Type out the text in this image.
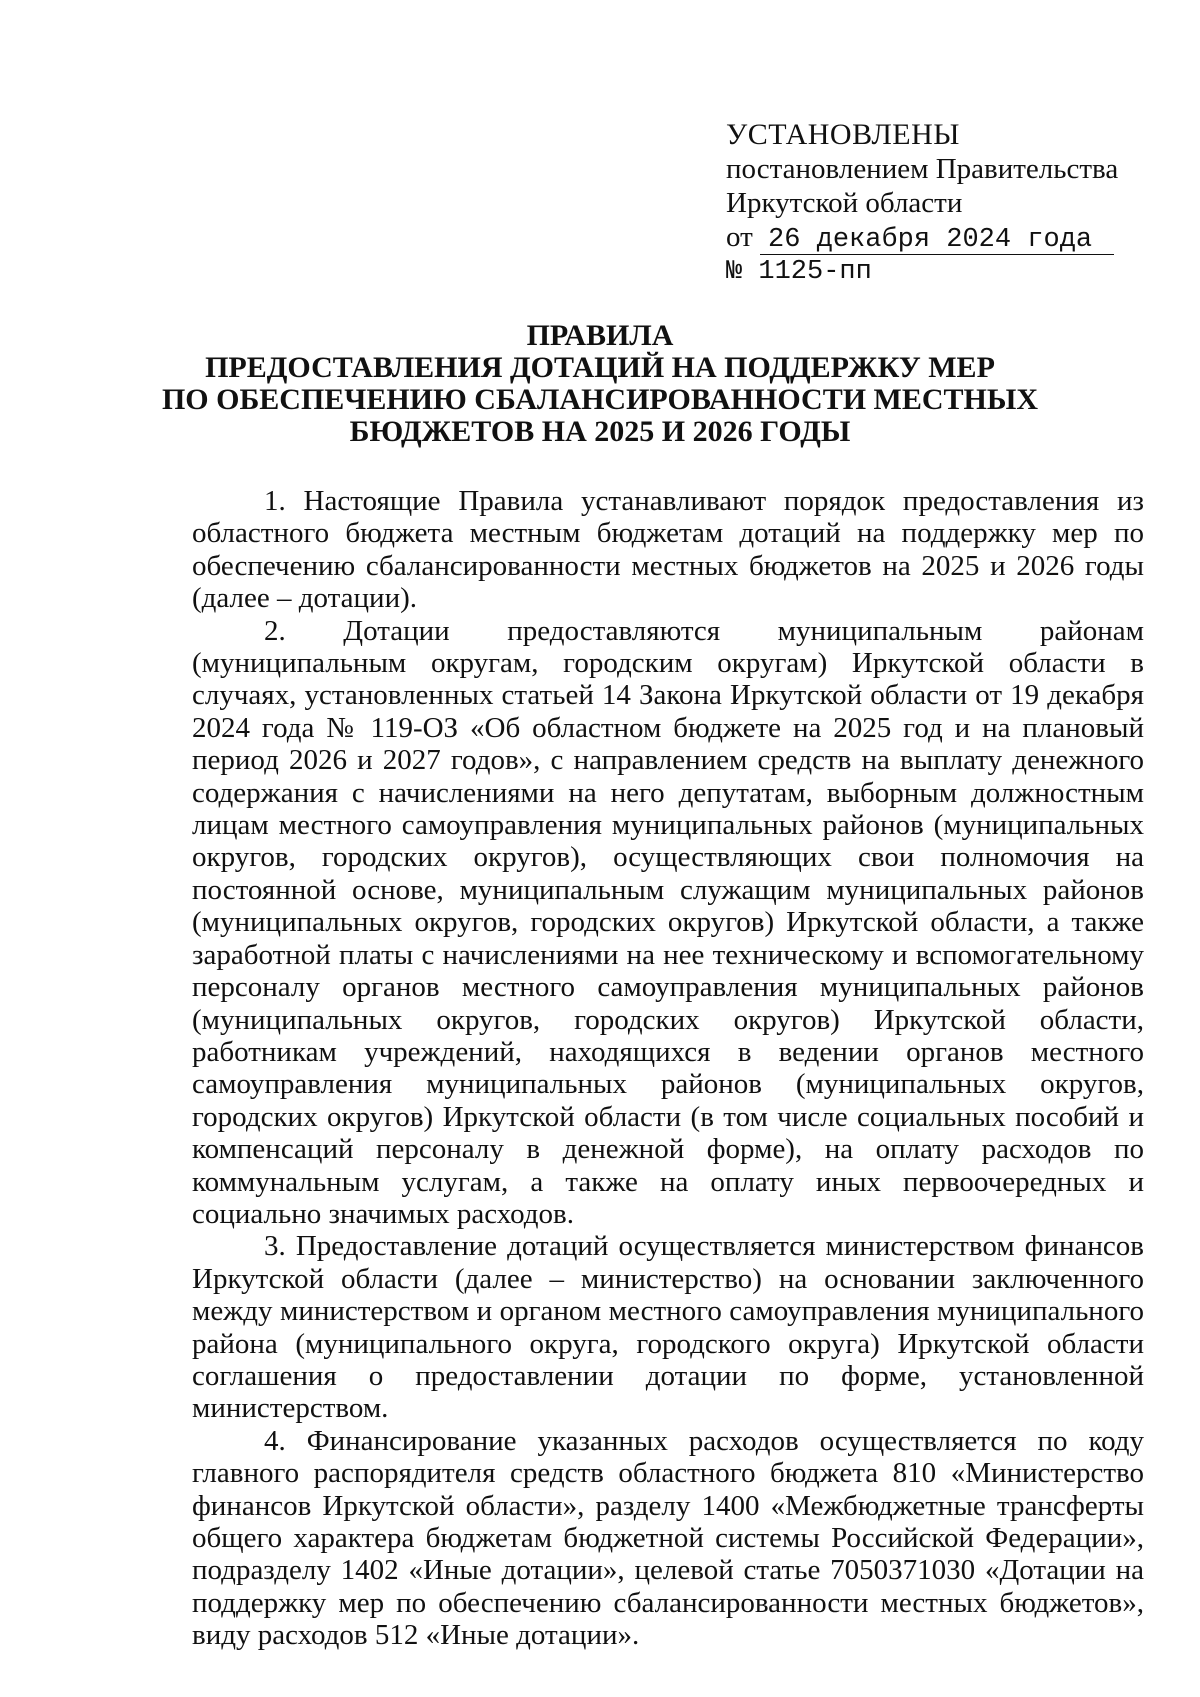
УСТАНОВЛЕНЫ
постановлением Правительства
Иркутской области
от 26 декабря 2024 года
№ 1125-пп
ПРАВИЛА
ПРЕДОСТАВЛЕНИЯ ДОТАЦИЙ НА ПОДДЕРЖКУ МЕР
ПО ОБЕСПЕЧЕНИЮ СБАЛАНСИРОВАННОСТИ МЕСТНЫХ
БЮДЖЕТОВ НА 2025 И 2026 ГОДЫ

1. Настоящие Правила устанавливают порядок предоставления из областного бюджета местным бюджетам дотаций на поддержку мер по обеспечению сбалансированности местных бюджетов на 2025 и 2026 годы (далее – дотации).

2. Дотации предоставляются муниципальным районам (муниципальным округам, городским округам) Иркутской области в случаях, установленных статьей 14 Закона Иркутской области от 19 декабря 2024 года № 119-ОЗ «Об областном бюджете на 2025 год и на плановый период 2026 и 2027 годов», с направлением средств на выплату денежного содержания с начислениями на него депутатам, выборным должностным лицам местного самоуправления муниципальных районов (муниципальных округов, городских округов), осуществляющих свои полномочия на постоянной основе, муниципальным служащим муниципальных районов (муниципальных округов, городских округов) Иркутской области, а также заработной платы с начислениями на нее техническому и вспомогательному персоналу органов местного самоуправления муниципальных районов (муниципальных округов, городских округов) Иркутской области, работникам учреждений, находящихся в ведении органов местного самоуправления муниципальных районов (муниципальных округов, городских округов) Иркутской области (в том числе социальных пособий и компенсаций персоналу в денежной форме), на оплату расходов по коммунальным услугам, а также на оплату иных первоочередных и социально значимых расходов.

3. Предоставление дотаций осуществляется министерством финансов Иркутской области (далее – министерство) на основании заключенного между министерством и органом местного самоуправления муниципального района (муниципального округа, городского округа) Иркутской области соглашения о предоставлении дотации по форме, установленной министерством.

4. Финансирование указанных расходов осуществляется по коду главного распорядителя средств областного бюджета 810 «Министерство финансов Иркутской области», разделу 1400 «Межбюджетные трансферты общего характера бюджетам бюджетной системы Российской Федерации», подразделу 1402 «Иные дотации», целевой статье 7050371030 «Дотации на поддержку мер по обеспечению сбалансированности местных бюджетов», виду расходов 512 «Иные дотации».
